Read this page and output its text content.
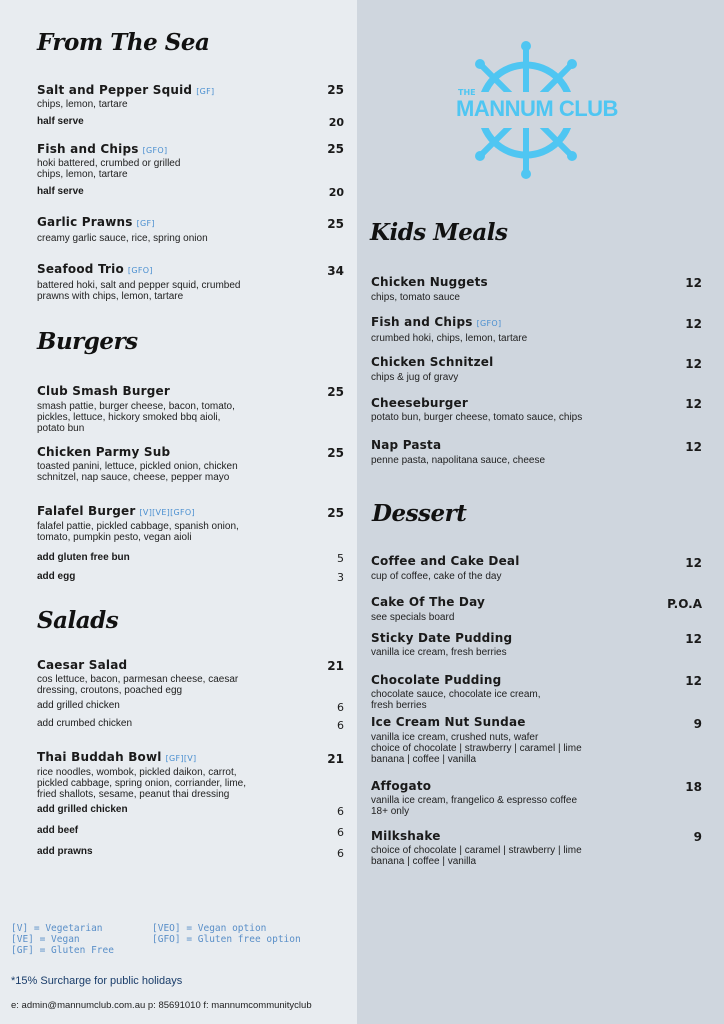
THE
MANNUM CLUB
From The Sea
Salt and Pepper Squid [GF]	25
chips, lemon, tartare
half serve	20
Fish and Chips [GFO]	25
hoki battered, crumbed or grilled
chips, lemon, tartare
half serve	20
Garlic Prawns [GF]	25
creamy garlic sauce, rice, spring onion
Seafood Trio [GFO]	34
battered hoki, salt and pepper squid, crumbed
prawns with chips, lemon, tartare
Burgers
Club Smash Burger	25
smash pattie, burger cheese, bacon, tomato,
pickles, lettuce, hickory smoked bbq aioli,
potato bun
Chicken Parmy Sub	25
toasted panini, lettuce, pickled onion, chicken
schnitzel, nap sauce, cheese, pepper mayo
Falafel Burger [V][VE][GFO]	25
falafel pattie, pickled cabbage, spanish onion,
tomato, pumpkin pesto, vegan aioli
add gluten free bun	5
add egg	3
Salads
Caesar Salad	21
cos lettuce, bacon, parmesan cheese, caesar
dressing, croutons, poached egg
add grilled chicken	6
add crumbed chicken	6
Thai Buddah Bowl [GF][V]	21
rice noodles, wombok, pickled daikon, carrot,
pickled cabbage, spring onion, corriander, lime,
fried shallots, sesame, peanut thai dressing
add grilled chicken	6
add beef	6
add prawns	6
[V] = Vegetarian
[VE] = Vegan
[GF] = Gluten Free
[VEO] = Vegan option
[GFO] = Gluten free option
*15% Surcharge for public holidays
e: admin@mannumclub.com.au p: 85691010 f: mannumcommunityclub
Kids Meals
Chicken Nuggets	12
chips, tomato sauce
Fish and Chips [GFO]	12
crumbed hoki, chips, lemon, tartare
Chicken Schnitzel	12
chips & jug of gravy
Cheeseburger	12
potato bun, burger cheese, tomato sauce, chips
Nap Pasta	12
penne pasta, napolitana sauce, cheese
Dessert
Coffee and Cake Deal	12
cup of coffee, cake of the day
Cake Of The Day	P.O.A
see specials board
Sticky Date Pudding	12
vanilla ice cream, fresh berries
Chocolate Pudding	12
chocolate sauce, chocolate ice cream,
fresh berries
Ice Cream Nut Sundae	9
vanilla ice cream, crushed nuts, wafer
choice of chocolate | strawberry | caramel | lime
banana | coffee | vanilla
Affogato	18
vanilla ice cream, frangelico & espresso coffee
18+ only
Milkshake	9
choice of chocolate | caramel | strawberry | lime
banana | coffee | vanilla
